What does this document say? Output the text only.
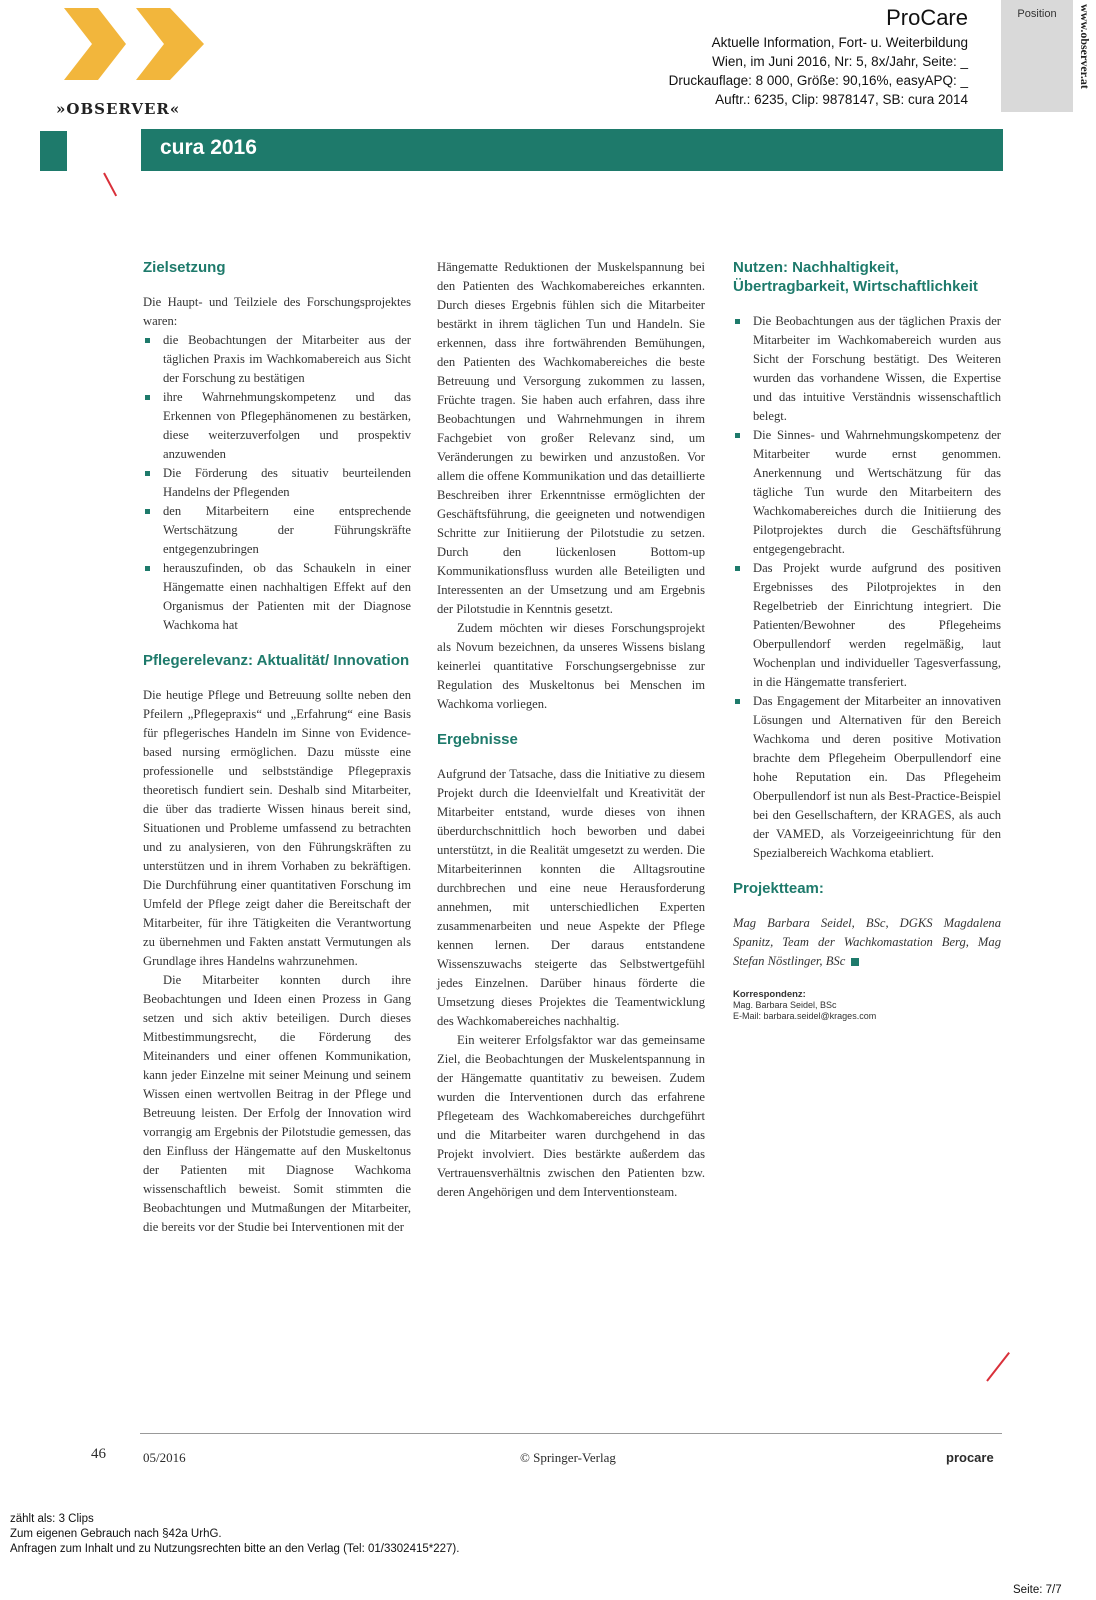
»OBSERVER«
ProCare
Aktuelle Information, Fort- u. Weiterbildung
Wien, im Juni 2016, Nr: 5, 8x/Jahr, Seite: _
Druckauflage: 8 000, Größe: 90,16%, easyAPQ: _
Auftr.: 6235, Clip: 9878147, SB: cura 2014
Position	www.observer.at
cura 2016
Zielsetzung

Die Haupt- und Teilziele des Forschungsprojektes waren:

die Beobachtungen der Mitarbeiter aus der täglichen Praxis im Wachkomabereich aus Sicht der Forschung zu bestätigen
ihre Wahrnehmungskompetenz und das Erkennen von Pflegephänomenen zu bestärken, diese weiterzuverfolgen und prospektiv anzuwenden
Die Förderung des situativ beurteilenden Handelns der Pflegenden
den Mitarbeitern eine entsprechende Wertschätzung der Führungskräfte entgegenzubringen
herauszufinden, ob das Schaukeln in einer Hängematte einen nachhaltigen Effekt auf den Organismus der Patienten mit der Diagnose Wachkoma hat
Pflegerelevanz: Aktualität/ Innovation

Die heutige Pflege und Betreuung sollte neben den Pfeilern „Pflegepraxis“ und „Erfahrung“ eine Basis für pflegerisches Handeln im Sinne von Evidence-based nursing ermöglichen. Dazu müsste eine professionelle und selbstständige Pflegepraxis theoretisch fundiert sein. Deshalb sind Mitarbeiter, die über das tradierte Wissen hinaus bereit sind, Situationen und Probleme umfassend zu betrachten und zu analysieren, von den Führungskräften zu unterstützen und in ihrem Vorhaben zu bekräftigen. Die Durchführung einer quantitativen Forschung im Umfeld der Pflege zeigt daher die Bereitschaft der Mitarbeiter, für ihre Tätigkeiten die Verantwortung zu übernehmen und Fakten anstatt Vermutungen als Grundlage ihres Handelns wahrzunehmen.

Die Mitarbeiter konnten durch ihre Beobachtungen und Ideen einen Prozess in Gang setzen und sich aktiv beteiligen. Durch dieses Mitbestimmungsrecht, die Förderung des Miteinanders und einer offenen Kommunikation, kann jeder Einzelne mit seiner Meinung und seinem Wissen einen wertvollen Beitrag in der Pflege und Betreuung leisten. Der Erfolg der Innovation wird vorrangig am Ergebnis der Pilotstudie gemessen, das den Einfluss der Hängematte auf den Muskeltonus der Patienten mit Diagnose Wachkoma wissenschaftlich beweist. Somit stimmten die Beobachtungen und Mutmaßungen der Mitarbeiter, die bereits vor der Studie bei Interventionen mit der

Hängematte Reduktionen der Muskelspannung bei den Patienten des Wachkomabereiches erkannten. Durch dieses Ergebnis fühlen sich die Mitarbeiter bestärkt in ihrem täglichen Tun und Handeln. Sie erkennen, dass ihre fortwährenden Bemühungen, den Patienten des Wachkomabereiches die beste Betreuung und Versorgung zukommen zu lassen, Früchte tragen. Sie haben auch erfahren, dass ihre Beobachtungen und Wahrnehmungen in ihrem Fachgebiet von großer Relevanz sind, um Veränderungen zu bewirken und anzustoßen. Vor allem die offene Kommunikation und das detaillierte Beschreiben ihrer Erkenntnisse ermöglichten der Geschäftsführung, die geeigneten und notwendigen Schritte zur Initiierung der Pilotstudie zu setzen. Durch den lückenlosen Bottom-up Kommunikationsfluss wurden alle Beteiligten und Interessenten an der Umsetzung und am Ergebnis der Pilotstudie in Kenntnis gesetzt.

Zudem möchten wir dieses Forschungsprojekt als Novum bezeichnen, da unseres Wissens bislang keinerlei quantitative Forschungsergebnisse zur Regulation des Muskeltonus bei Menschen im Wachkoma vorliegen.

Ergebnisse

Aufgrund der Tatsache, dass die Initiative zu diesem Projekt durch die Ideenvielfalt und Kreativität der Mitarbeiter entstand, wurde dieses von ihnen überdurchschnittlich hoch beworben und dabei unterstützt, in die Realität umgesetzt zu werden. Die Mitarbeiterinnen konnten die Alltagsroutine durchbrechen und eine neue Herausforderung annehmen, mit unterschiedlichen Experten zusammenarbeiten und neue Aspekte der Pflege kennen lernen. Der daraus entstandene Wissenszuwachs steigerte das Selbstwertgefühl jedes Einzelnen. Darüber hinaus förderte die Umsetzung dieses Projektes die Teamentwicklung des Wachkomabereiches nachhaltig.

Ein weiterer Erfolgsfaktor war das gemeinsame Ziel, die Beobachtungen der Muskelentspannung in der Hängematte quantitativ zu beweisen. Zudem wurden die Interventionen durch das erfahrene Pflegeteam des Wachkomabereiches durchgeführt und die Mitarbeiter waren durchgehend in das Projekt involviert. Dies bestärkte außerdem das Vertrauensverhältnis zwischen den Patienten bzw. deren Angehörigen und dem Interventionsteam.

Nutzen: Nachhaltigkeit, Übertragbarkeit, Wirtschaftlichkeit
Die Beobachtungen aus der täglichen Praxis der Mitarbeiter im Wachkomabereich wurden aus Sicht der Forschung bestätigt. Des Weiteren wurden das vorhandene Wissen, die Expertise und das intuitive Verständnis wissenschaftlich belegt.
Die Sinnes- und Wahrnehmungskompetenz der Mitarbeiter wurde ernst genommen. Anerkennung und Wertschätzung für das tägliche Tun wurde den Mitarbeitern des Wachkomabereiches durch die Initiierung des Pilotprojektes durch die Geschäftsführung entgegengebracht.
Das Projekt wurde aufgrund des positiven Ergebnisses des Pilotprojektes in den Regelbetrieb der Einrichtung integriert. Die Patienten/Bewohner des Pflegeheims Oberpullendorf werden regelmäßig, laut Wochenplan und individueller Tagesverfassung, in die Hängematte transferiert.
Das Engagement der Mitarbeiter an innovativen Lösungen und Alternativen für den Bereich Wachkoma und deren positive Motivation brachte dem Pflegeheim Oberpullendorf eine hohe Reputation ein. Das Pflegeheim Oberpullendorf ist nun als Best-Practice-Beispiel bei den Gesellschaftern, der KRAGES, als auch der VAMED, als Vorzeigeeinrichtung für den Spezialbereich Wachkoma etabliert.
Projektteam:

Mag Barbara Seidel, BSc, DGKS Magdalena Spanitz, Team der Wachkomastation Berg, Mag Stefan Nöstlinger, BSc

Korrespondenz:
Mag. Barbara Seidel, BSc
E-Mail: barbara.seidel@krages.com
46	05/2016	© Springer-Verlag	procare
zählt als: 3 Clips
Zum eigenen Gebrauch nach §42a UrhG.
Anfragen zum Inhalt und zu Nutzungsrechten bitte an den Verlag (Tel: 01/3302415*227).
Seite: 7/7
